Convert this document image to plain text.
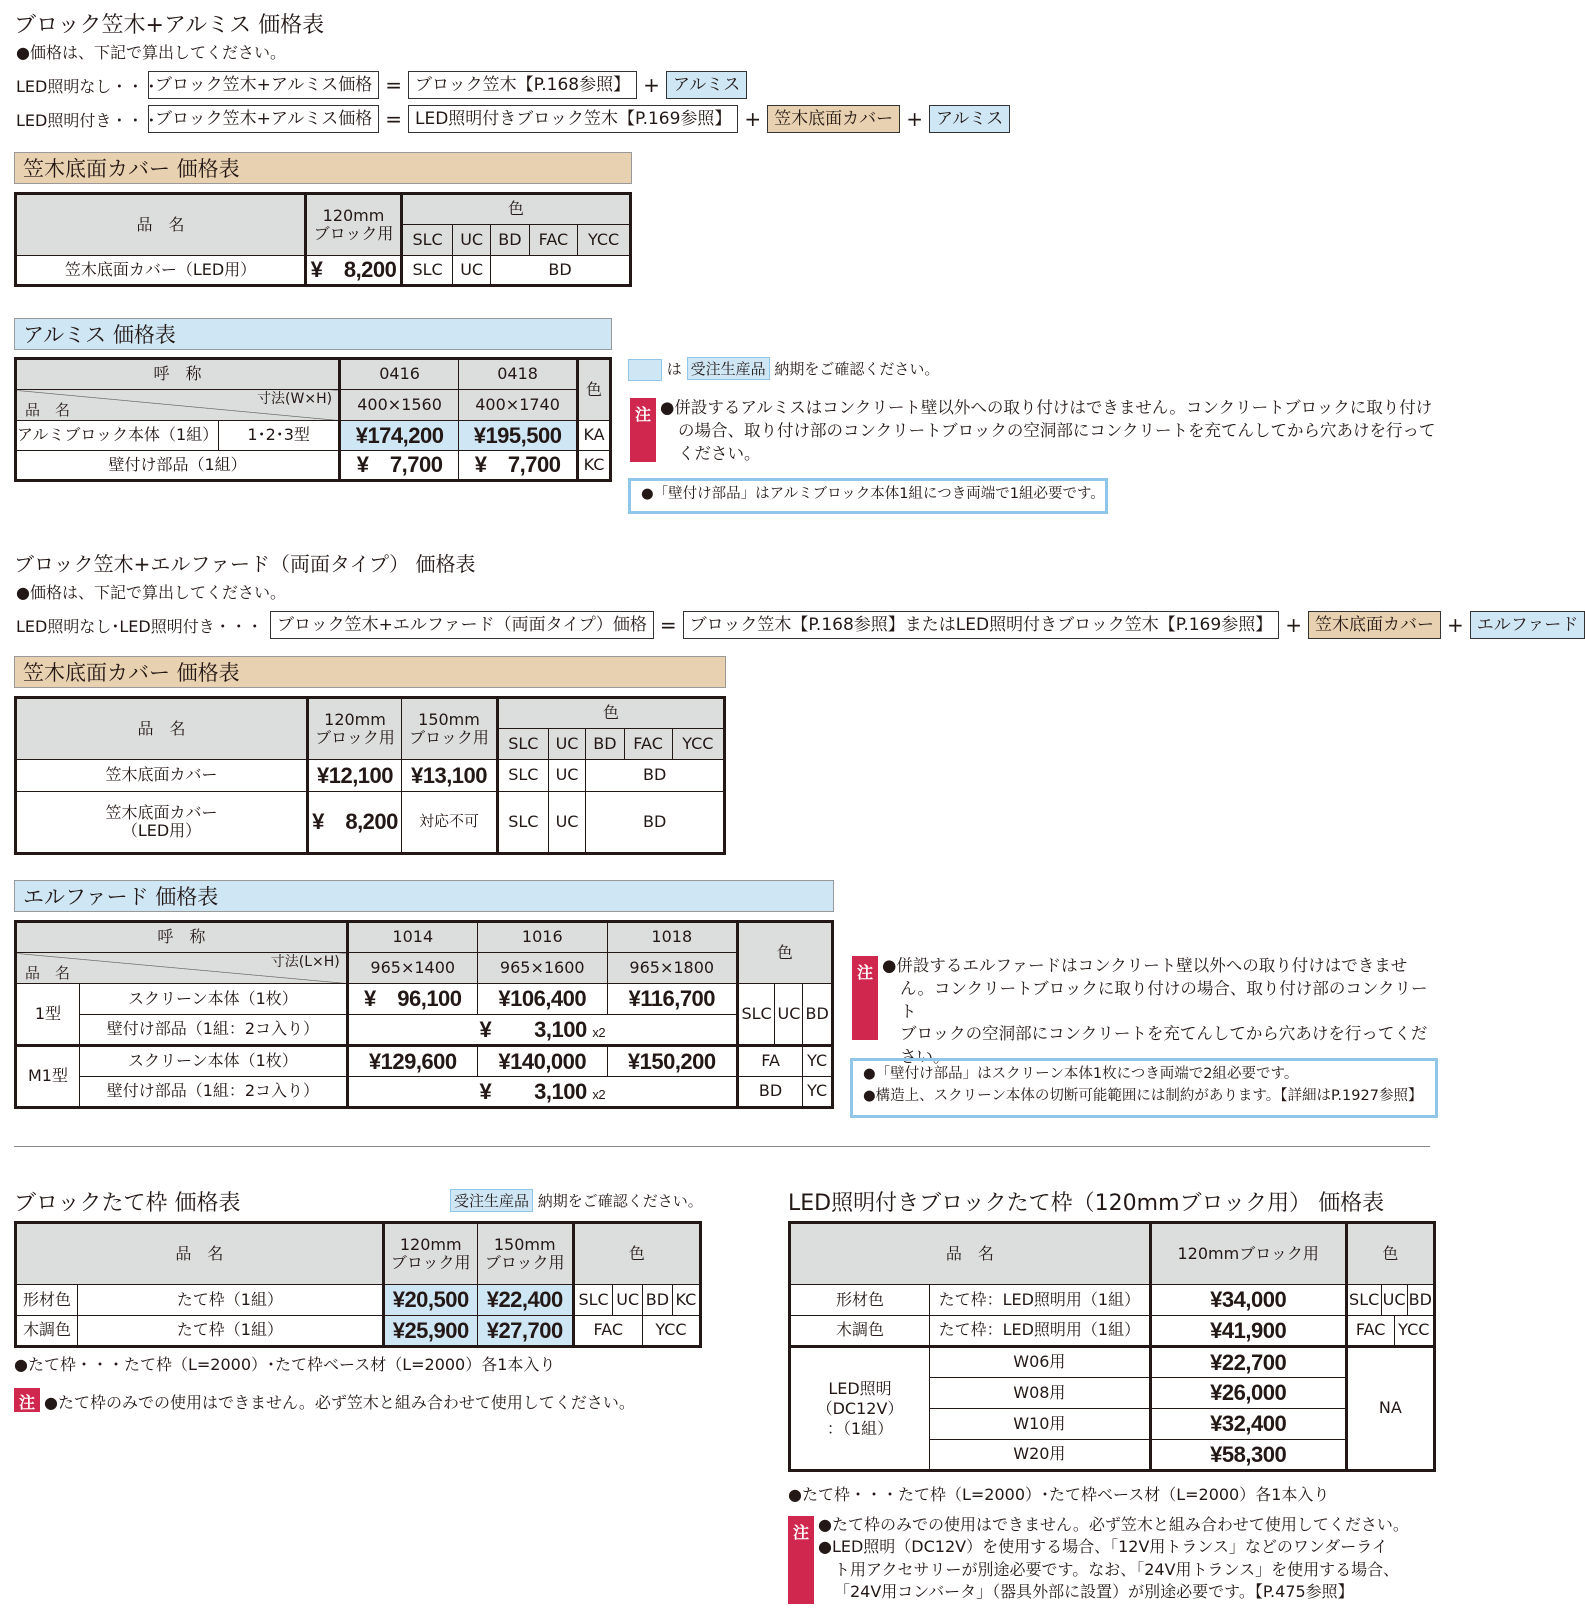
ブロック笠木+アルミス 価格表
●価格は、下記で算出してください。
LED照明なし・・・
ブロック笠木+アルミス価格 = ブロック笠木【P.168参照】 + アルミス
LED照明付き・・・
ブロック笠木+アルミス価格 = LED照明付きブロック笠木【P.169参照】 + 笠木底面カバー + アルミス
笠木底面カバー 価格表
品　名	120mm
ブロック用	色				
		SLC	UC	BD	FAC	YCC
笠木底面カバー（LED用）	¥　8,200	SLC	UC	BD		
アルミス 価格表
呼　称		0416	0418	色

寸法(W×H)
品　名		400×1560	400×1740	
アルミブロック本体（1組）	1･2･3型	¥174,200	¥195,500	KA
壁付け部品（1組）		¥　7,700	¥　7,700	KC
は 受注生産品 納期をご確認ください。
注 ●併設するアルミスはコンクリート壁以外への取り付けはできません。コンクリートブロックに取り付け
の場合、取り付け部のコンクリートブロックの空洞部にコンクリートを充てんしてから穴あけを行って
ください。
●「壁付け部品」はアルミブロック本体1組につき両端で1組必要です。
ブロック笠木+エルファード（両面タイプ） 価格表
●価格は、下記で算出してください。
LED照明なし･LED照明付き・・・ ブロック笠木+エルファード（両面タイプ）価格 = ブロック笠木【P.168参照】またはLED照明付きブロック笠木【P.169参照】 + 笠木底面カバー + エルファード
笠木底面カバー 価格表
品　名	120mm
ブロック用	150mm
ブロック用	色				
			SLC	UC	BD	FAC	YCC
笠木底面カバー	¥12,100	¥13,100	SLC	UC	BD		
笠木底面カバー
（LED用）	¥　8,200	対応不可	SLC	UC	BD		
エルファード 価格表
呼　称		1014	1016	1018	色		

寸法(L×H)
品　名		965×1400	965×1600	965×1800			
1型	スクリーン本体（1枚）	¥　96,100	¥106,400	¥116,700	SLC	UC	BD
	壁付け部品（1組：2コ入り）	¥　　3,100 x2					
M1型	スクリーン本体（1枚）	¥129,600	¥140,000	¥150,200	FA		YC
	壁付け部品（1組：2コ入り）	¥　　3,100 x2			BD		YC
注 ●併設するエルファードはコンクリート壁以外への取り付けはできませ
ん。コンクリートブロックに取り付けの場合、取り付け部のコンクリート
ブロックの空洞部にコンクリートを充てんしてから穴あけを行ってくだ
さい。
●「壁付け部品」はスクリーン本体1枚につき両端で2組必要です。
●構造上、スクリーン本体の切断可能範囲には制約があります。【詳細はP.1927参照】
ブロックたて枠 価格表	受注生産品 納期をご確認ください。
品　名		120mm
ブロック用	150mm
ブロック用	色			
形材色	たて枠（1組）	¥20,500	¥22,400	SLC	UC	BD	KC
木調色	たて枠（1組）	¥25,900	¥27,700	FAC		YCC	
●たて枠・・・たて枠（L=2000）･たて枠ベース材（L=2000）各1本入り
注 ●たて枠のみでの使用はできません。必ず笠木と組み合わせて使用してください。
LED照明付きブロックたて枠（120mmブロック用） 価格表
品　名		120mmブロック用	色			
形材色	たて枠：LED照明用（1組）	¥34,000	SLC	UC		BD
木調色	たて枠：LED照明用（1組）	¥41,900	FAC		YCC	
LED照明
（DC12V）
：（1組）	W06用	¥22,700	NA			
	W08用	¥26,000				
	W10用	¥32,400				
	W20用	¥58,300				
●たて枠・・・たて枠（L=2000）･たて枠ベース材（L=2000）各1本入り
注 ●たて枠のみでの使用はできません。必ず笠木と組み合わせて使用してください。
●LED照明（DC12V）を使用する場合、「12V用トランス」などのワンダーライ
ト用アクセサリーが別途必要です。なお、「24V用トランス」を使用する場合、
「24V用コンバータ」（器具外部に設置）が別途必要です。【P.475参照】
